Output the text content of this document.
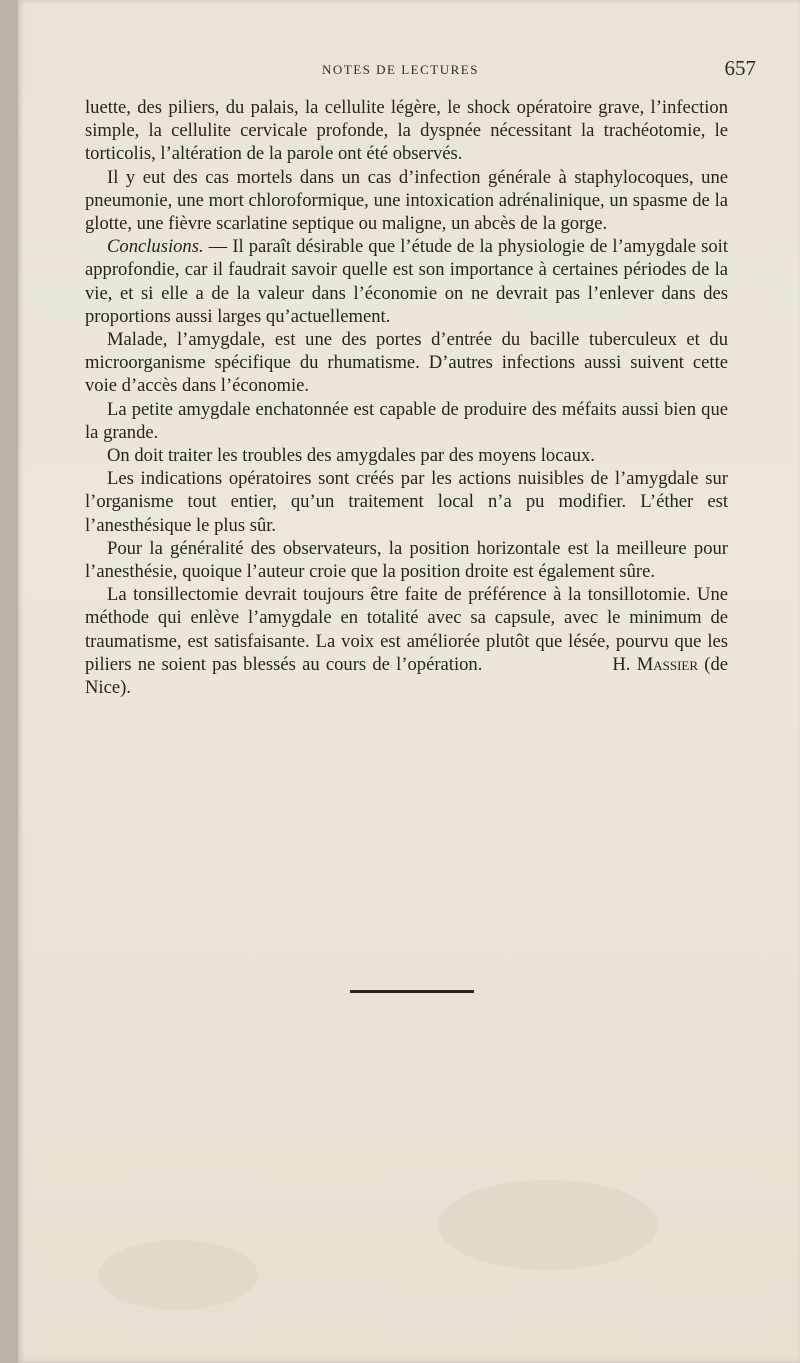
NOTES DE LECTURES	657

luette, des piliers, du palais, la cellulite légère, le shock opératoire grave, l’infection simple, la cellulite cervicale profonde, la dyspnée nécessitant la trachéotomie, le torticolis, l’altération de la parole ont été observés.

Il y eut des cas mortels dans un cas d’infection générale à staphylocoques, une pneumonie, une mort chloroformique, une intoxication adrénalinique, un spasme de la glotte, une fièvre scarlatine septique ou maligne, un abcès de la gorge.

Conclusions. — Il paraît désirable que l’étude de la physiologie de l’amygdale soit approfondie, car il faudrait savoir quelle est son importance à certaines périodes de la vie, et si elle a de la valeur dans l’économie on ne devrait pas l’enlever dans des proportions aussi larges qu’actuellement.

Malade, l’amygdale, est une des portes d’entrée du bacille tuberculeux et du microorganisme spécifique du rhumatisme. D’autres infections aussi suivent cette voie d’accès dans l’économie.

La petite amygdale enchatonnée est capable de produire des méfaits aussi bien que la grande.

On doit traiter les troubles des amygdales par des moyens locaux.

Les indications opératoires sont créés par les actions nuisibles de l’amygdale sur l’organisme tout entier, qu’un traitement local n’a pu modifier. L’éther est l’anesthésique le plus sûr.

Pour la généralité des observateurs, la position horizontale est la meilleure pour l’anesthésie, quoique l’auteur croie que la position droite est également sûre.

La tonsillectomie devrait toujours être faite de préférence à la tonsillotomie. Une méthode qui enlève l’amygdale en totalité avec sa capsule, avec le minimum de traumatisme, est satisfaisante. La voix est améliorée plutôt que lésée, pourvu que les piliers ne soient pas blessés au cours de l’opération.	H. Massier (de Nice).
